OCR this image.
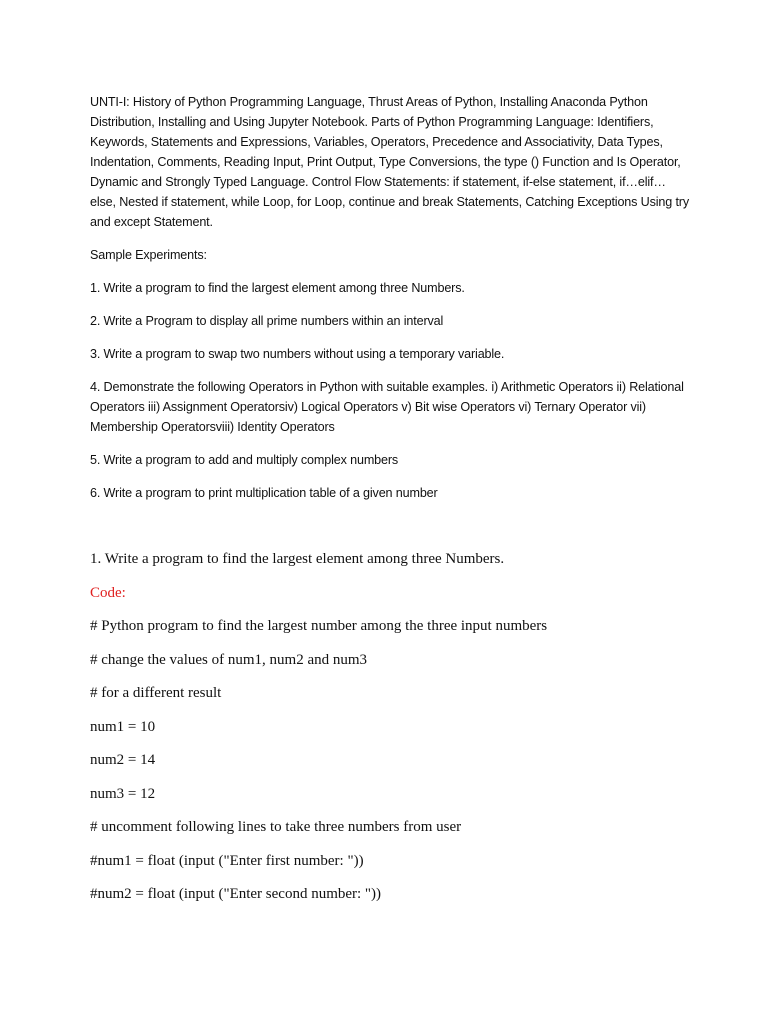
UNTI-I: History of Python Programming Language, Thrust Areas of Python, Installing Anaconda Python Distribution, Installing and Using Jupyter Notebook. Parts of Python Programming Language: Identifiers, Keywords, Statements and Expressions, Variables, Operators, Precedence and Associativity, Data Types, Indentation, Comments, Reading Input, Print Output, Type Conversions, the type () Function and Is Operator, Dynamic and Strongly Typed Language. Control Flow Statements: if statement, if-else statement, if…elif…else, Nested if statement, while Loop, for Loop, continue and break Statements, Catching Exceptions Using try and except Statement.

Sample Experiments:

1. Write a program to find the largest element among three Numbers.

2. Write a Program to display all prime numbers within an interval

3. Write a program to swap two numbers without using a temporary variable.

4. Demonstrate the following Operators in Python with suitable examples. i) Arithmetic Operators ii) Relational Operators iii) Assignment Operatorsiv) Logical Operators v) Bit wise Operators vi) Ternary Operator vii) Membership Operatorsviii) Identity Operators

5. Write a program to add and multiply complex numbers

6. Write a program to print multiplication table of a given number

1. Write a program to find the largest element among three Numbers.

Code:

# Python program to find the largest number among the three input numbers

# change the values of num1, num2 and num3

# for a different result

num1 = 10

num2 = 14

num3 = 12

# uncomment following lines to take three numbers from user

#num1 = float (input ("Enter first number: "))

#num2 = float (input ("Enter second number: "))
